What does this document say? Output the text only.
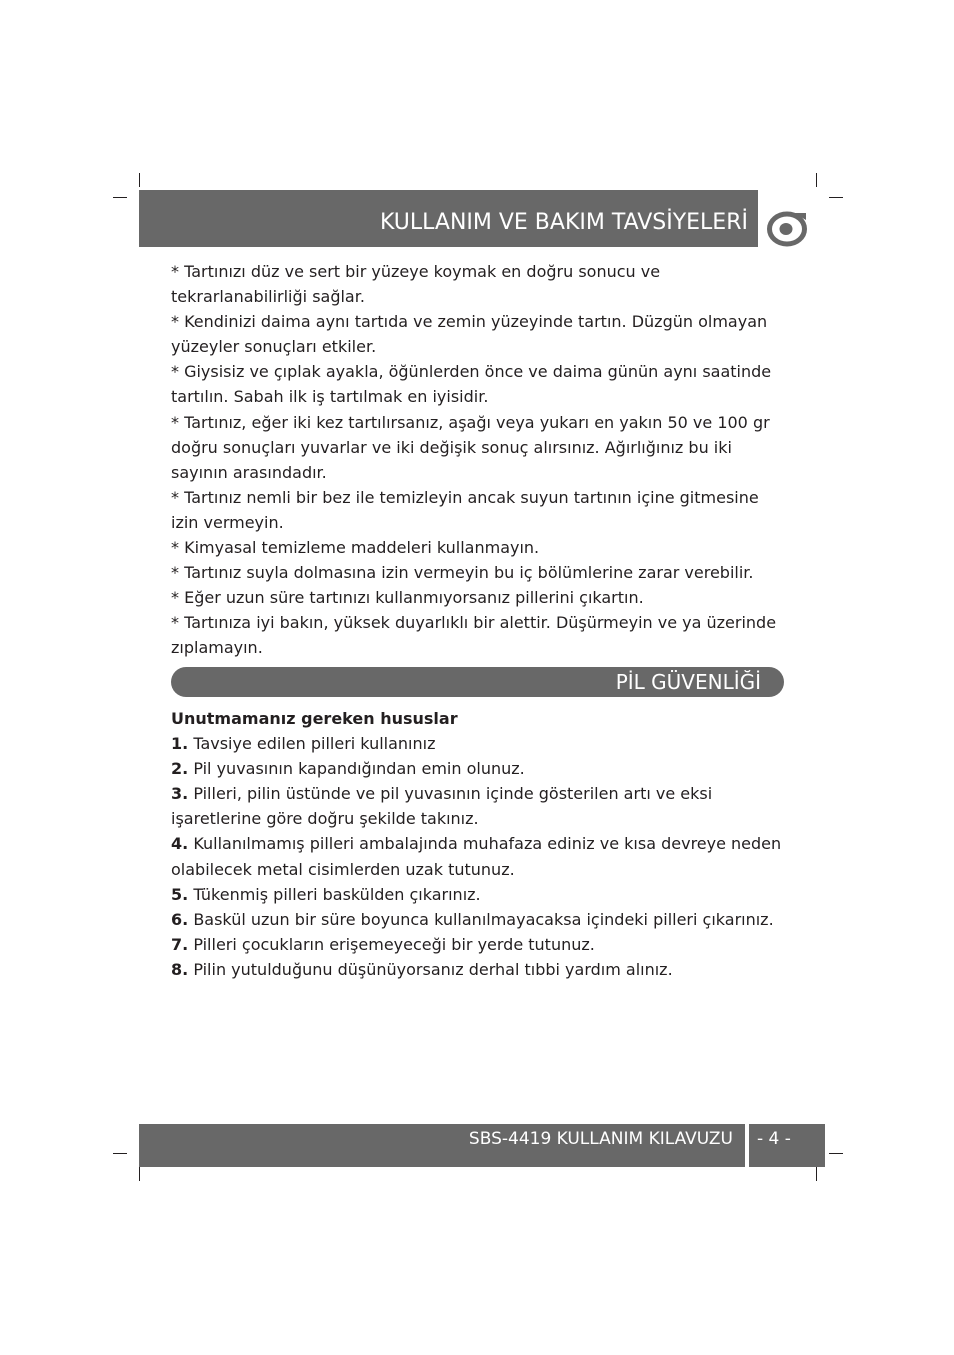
KULLANIM VE BAKIM TAVSİYELERİ

* Tartınızı düz ve sert bir yüzeye koymak en doğru sonucu ve tekrarlanabilirliği sağlar.

* Kendinizi daima aynı tartıda ve zemin yüzeyinde tartın. Düzgün olmayan yüzeyler sonuçları etkiler.

* Giysisiz ve çıplak ayakla, öğünlerden önce ve daima günün aynı saatinde tartılın. Sabah ilk iş tartılmak en iyisidir.

* Tartınız, eğer iki kez tartılırsanız, aşağı veya yukarı en yakın 50 ve 100 gr doğru sonuçları yuvarlar ve iki değişik sonuç alırsınız. Ağırlığınız bu iki sayının arasındadır.

* Tartınız nemli bir bez ile temizleyin ancak suyun tartının içine gitmesine izin vermeyin.

* Kimyasal temizleme maddeleri kullanmayın.

* Tartınız suyla dolmasına izin vermeyin bu iç bölümlerine zarar verebilir.

* Eğer uzun süre tartınızı kullanmıyorsanız pillerini çıkartın.

* Tartınıza iyi bakın, yüksek duyarlıklı bir alettir. Düşürmeyin ve ya üzerinde zıplamayın.

PİL GÜVENLİĞİ

Unutmamanız gereken hususlar

1. Tavsiye edilen pilleri kullanınız

2. Pil yuvasının kapandığından emin olunuz.

3. Pilleri, pilin üstünde ve pil yuvasının içinde gösterilen artı ve eksi işaretlerine göre doğru şekilde takınız.

4. Kullanılmamış pilleri ambalajında muhafaza ediniz ve kısa devreye neden olabilecek metal cisimlerden uzak tutunuz.

5. Tükenmiş pilleri baskülden çıkarınız.

6. Baskül uzun bir süre boyunca kullanılmayacaksa içindeki pilleri çıkarınız.

7. Pilleri çocukların erişemeyeceği bir yerde tutunuz.

8. Pilin yutulduğunu düşünüyorsanız derhal tıbbi yardım alınız.

SBS-4419 KULLANIM KILAVUZU - 4 -
